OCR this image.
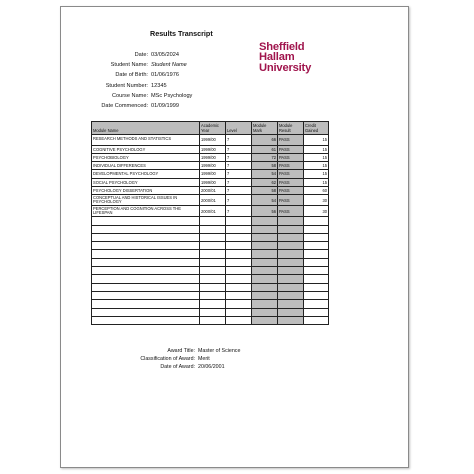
Results Transcript
Date: 03/05/2024
Student Name: Student Name
Date of Birth: 01/06/1976
Student Number: 12345
Course Name: MSc Psychology
Date Commenced: 01/09/1999
Sheffield
Hallam
University
Module Name	Academic Year	Level	Module Mark	Module Result	Credit Gained
RESEARCH METHODS AND STATISTICS	1999/00	7	66	PASS	15
COGNITIVE PSYCHOLOGY	1999/00	7	61	PASS	15
PSYCHOBIOLOGY	1999/00	7	72	PASS	15
INDIVIDUAL DIFFERENCES	1999/00	7	58	PASS	15
DEVELOPMENTAL PSYCHOLOGY	1999/00	7	54	PASS	15
SOCIAL PSYCHOLOGY	1999/00	7	62	PASS	15
PSYCHOLOGY DISSERTATION	2000/01	7	58	PASS	60
CONCEPTUAL AND HISTORICAL ISSUES IN PSYCHOLOGY	2000/01	7	54	PASS	30
PERCEPTION AND COGNITION ACROSS THE LIFESPAN	2000/01	7	56	PASS	30

Award Title: Master of Science
Classification of Award: Merit
Date of Award: 20/06/2001
